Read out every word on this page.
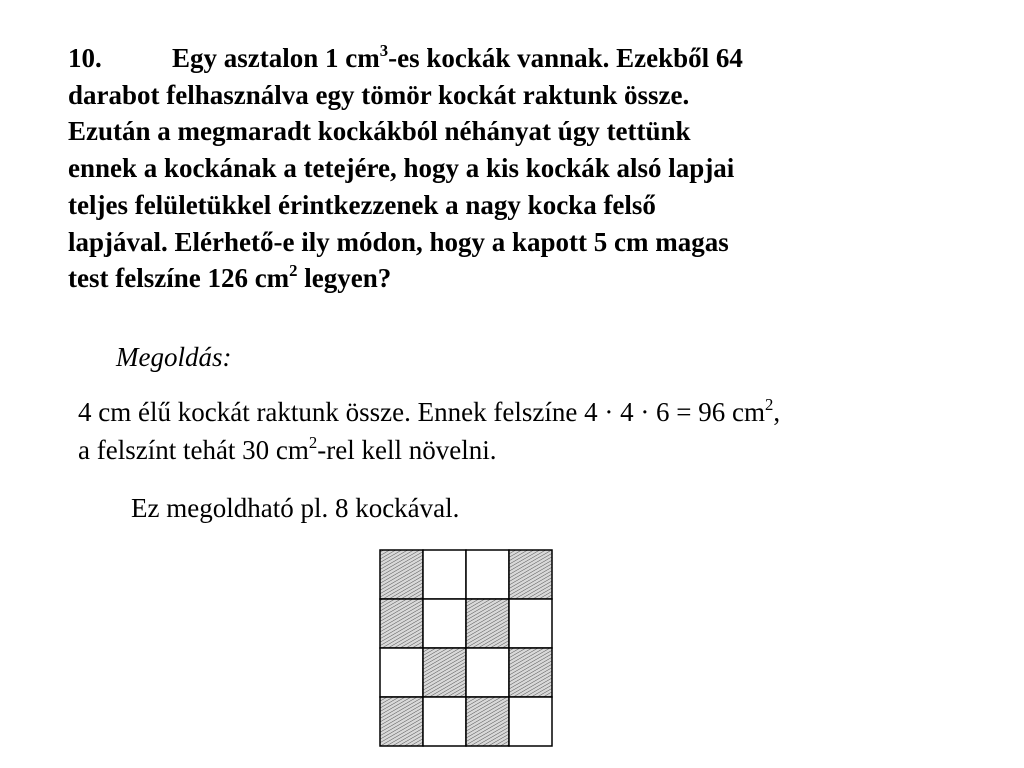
10.	Egy asztalon 1 $cm^3-es$ kockák vannak. Ezekből 64
darabot felhasználva egy tömör kockát raktunk össze.
Ezután a megmaradt kockákból néhányat úgy tettünk
ennek a kockának a tetejére, hogy a kis kockák alsó lapjai
teljes felületükkel érintkezzenek a nagy kocka felső
lapjával. Elérhető-e ily módon, hogy a kapott 5 cm magas
test felszíne 126 $cm^2$ legyen?
Megoldás:
4 cm élű kockát raktunk össze. Ennek felszíne 4 · 4 · 6 = 96 $cm^2$,
a felszínt tehát 30 $cm^2$-rel kell növelni.
Ez megoldható pl. 8 kockával.
